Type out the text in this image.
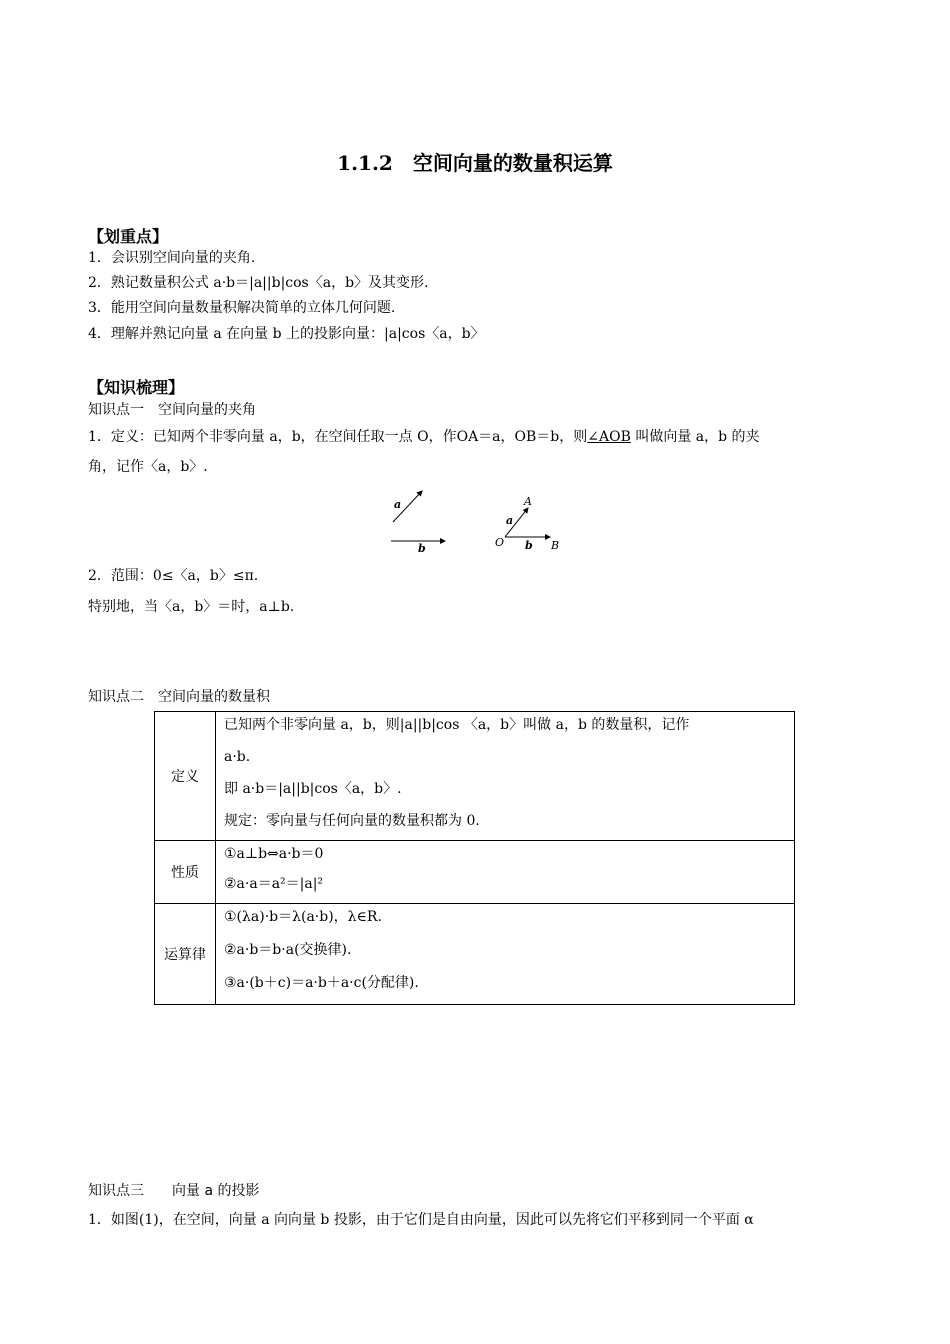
1.1.2　空间向量的数量积运算
【划重点】
1．会识别空间向量的夹角.
2．熟记数量积公式 a·b＝|a||b|cos〈a，b〉及其变形.
3．能用空间向量数量积解决简单的立体几何问题.
4．理解并熟记向量 a 在向量 b 上的投影向量：|a|cos〈a，b〉
【知识梳理】
知识点一　空间向量的夹角
1．定义：已知两个非零向量 a，b，在空间任取一点 O，作OA＝a，OB＝b，则∠AOB 叫做向量 a，b 的夹
角，记作〈a，b〉.
a
b
A
a
O b B
2．范围：0≤〈a，b〉≤π.
特别地，当〈a，b〉＝时，a⊥b.
知识点二　空间向量的数量积
定义	已知两个非零向量 a，b，则|a||b|cos 〈a，b〉叫做 a，b 的数量积，记作
a·b.
即 a·b＝|a||b|cos〈a，b〉.
规定：零向量与任何向量的数量积都为 0.

性质	①a⊥b⇔a·b＝0
②a·a＝a²＝|a|²

运算律	①(λa)·b＝λ(a·b)，λ∈R.
②a·b＝b·a(交换律).
③a·(b＋c)＝a·b＋a·c(分配律).
知识点三　　向量 a 的投影
1．如图(1)，在空间，向量 a 向向量 b 投影，由于它们是自由向量，因此可以先将它们平移到同一个平面 α
